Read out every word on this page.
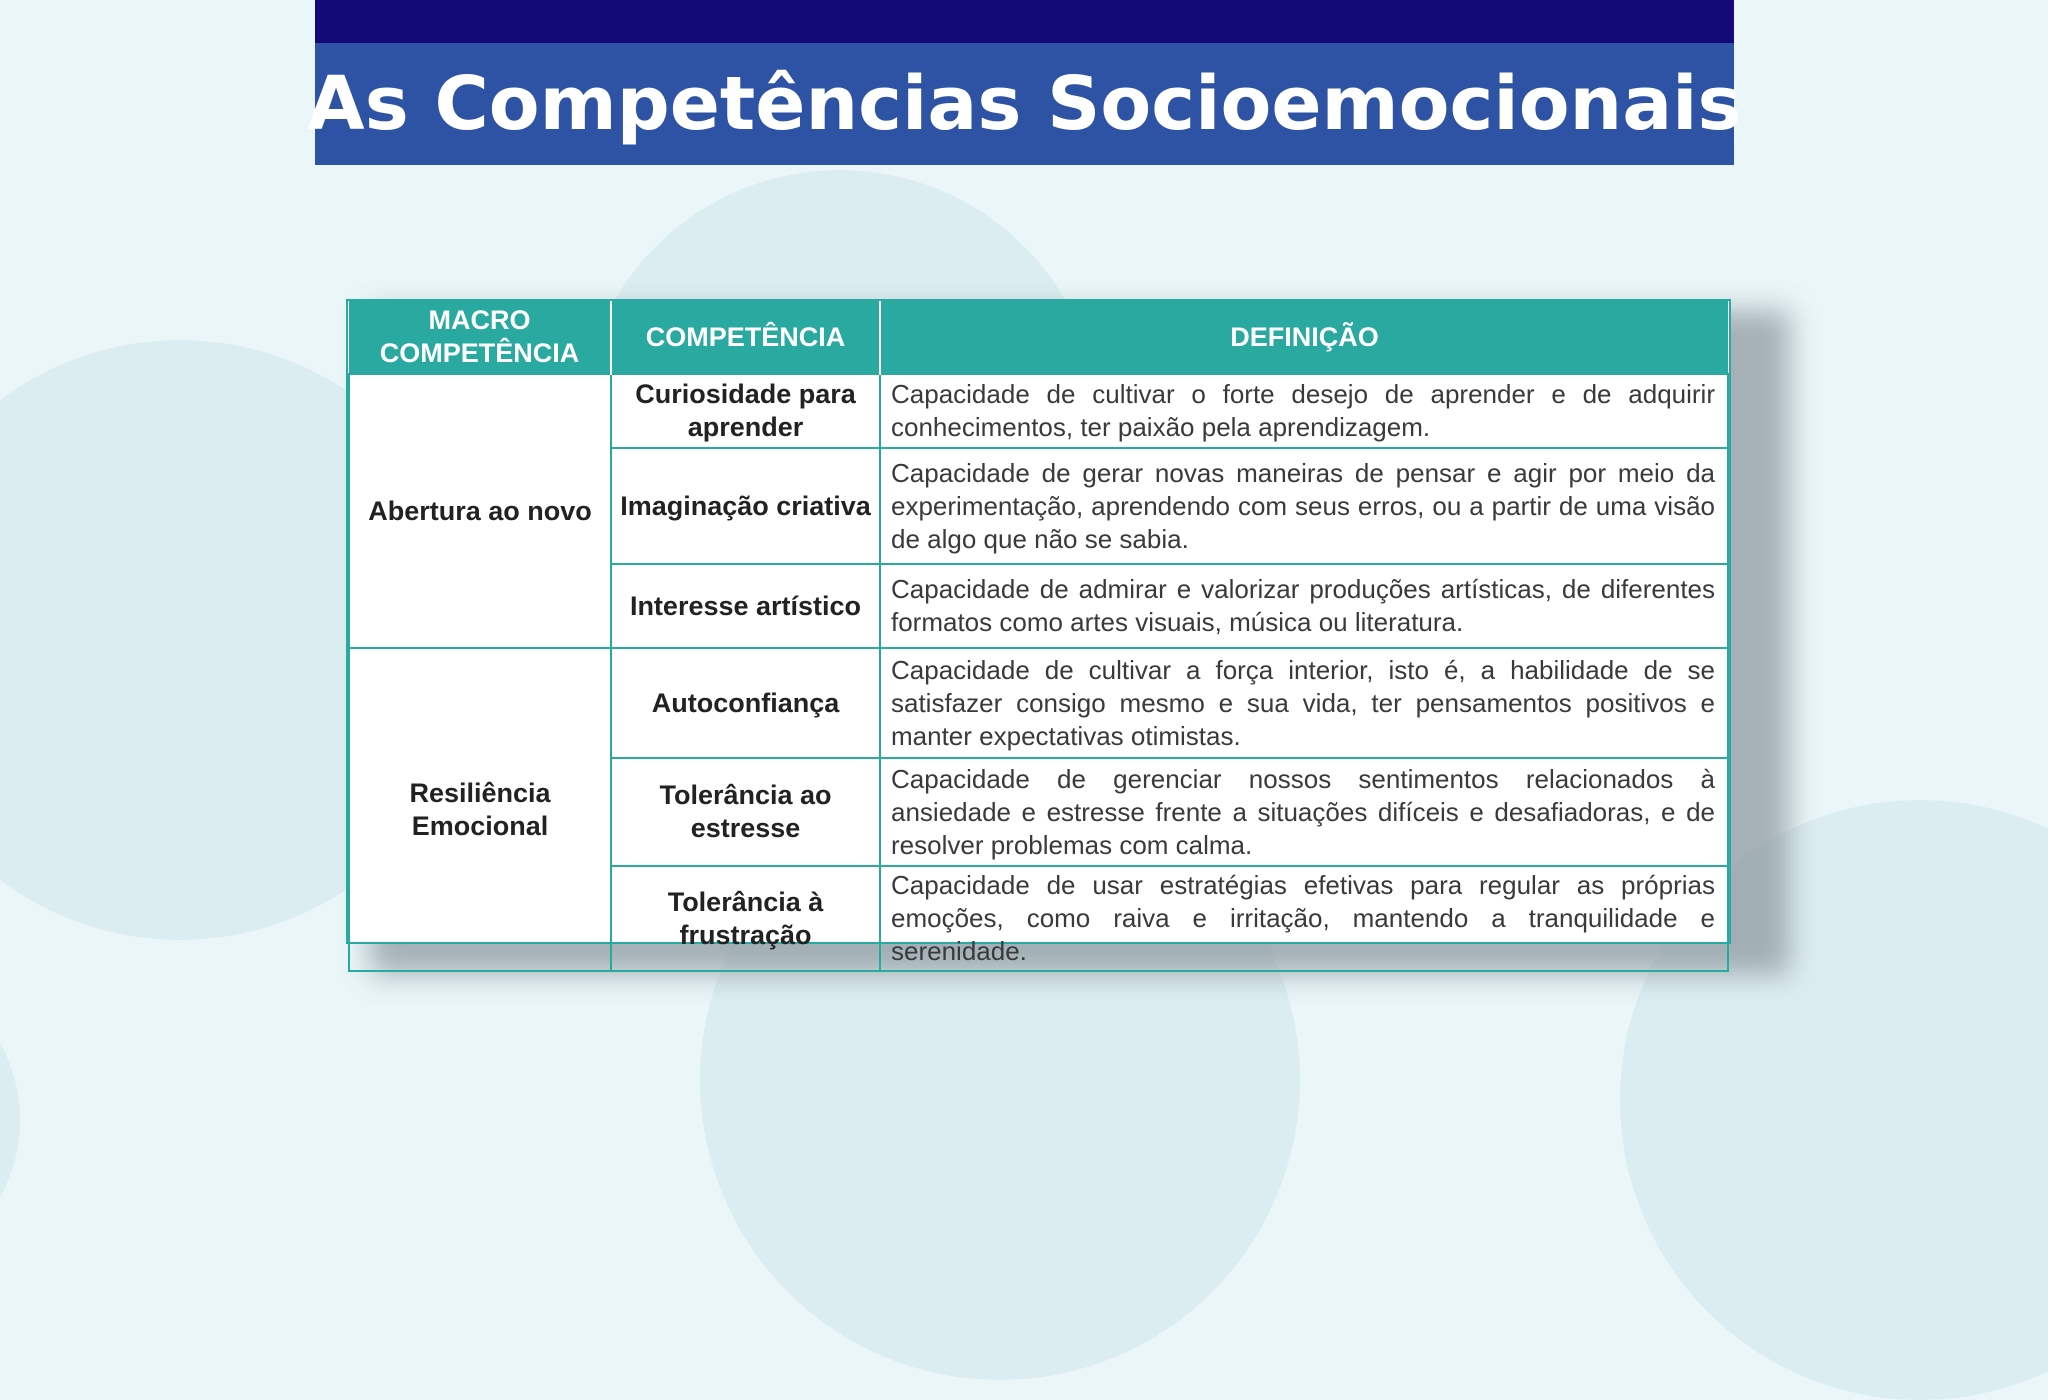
As Competências Socioemocionais
MACRO COMPETÊNCIA	COMPETÊNCIA	DEFINIÇÃO
Abertura ao novo	Curiosidade para aprender	Capacidade de cultivar o forte desejo de aprender e de adquirir conhecimentos, ter paixão pela aprendizagem.
	Imaginação criativa	Capacidade de gerar novas maneiras de pensar e agir por meio da experimentação, aprendendo com seus erros, ou a partir de uma visão de algo que não se sabia.
	Interesse artístico	Capacidade de admirar e valorizar produções artísticas, de diferentes formatos como artes visuais, música ou literatura.
Resiliência Emocional	Autoconfiança	Capacidade de cultivar a força interior, isto é, a habilidade de se satisfazer consigo mesmo e sua vida, ter pensamentos positivos e manter expectativas otimistas.
	Tolerância ao estresse	Capacidade de gerenciar nossos sentimentos relacionados à ansiedade e estresse frente a situações difíceis e desafiadoras, e de resolver problemas com calma.
	Tolerância à frustração	Capacidade de usar estratégias efetivas para regular as próprias emoções, como raiva e irritação, mantendo a tranquilidade e serenidade.
